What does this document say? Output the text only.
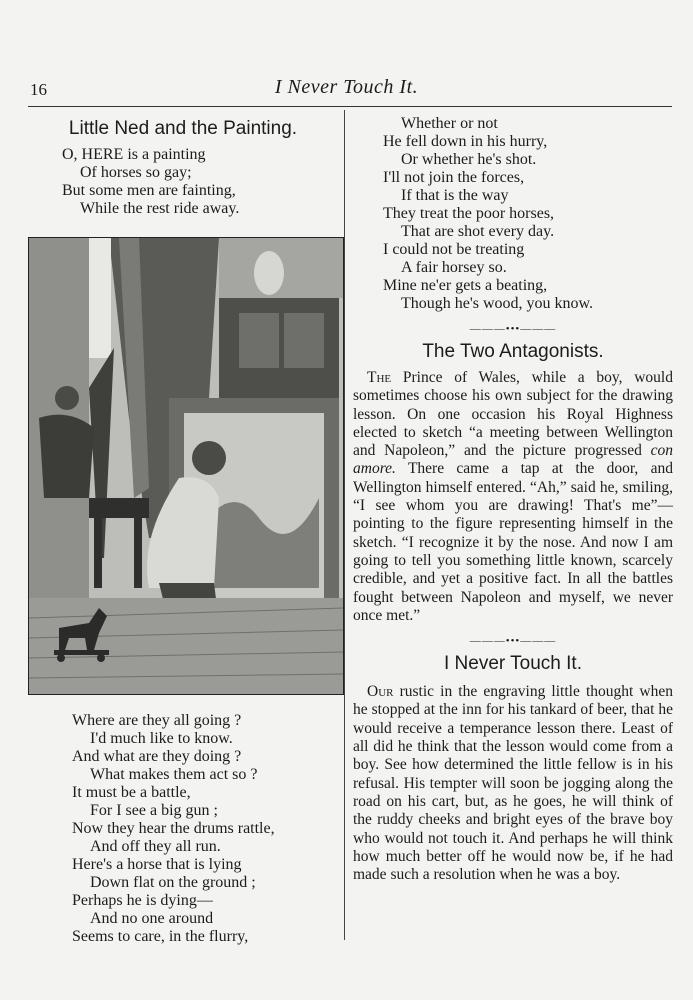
16	I Never Touch It.
Little Ned and the Painting.
O, HERE is a painting
Of horses so gay;
But some men are fainting,
While the rest ride away.
Where are they all going ?
I'd much like to know.
And what are they doing ?
What makes them act so ?
It must be a battle,
For I see a big gun ;
Now they hear the drums rattle,
And off they all run.
Here's a horse that is lying
Down flat on the ground ;
Perhaps he is dying—
And no one around
Seems to care, in the flurry,
Whether or not
He fell down in his hurry,
Or whether he's shot.
I'll not join the forces,
If that is the way
They treat the poor horses,
That are shot every day.
I could not be treating
A fair horsey so.
Mine ne'er gets a beating,
Though he's wood, you know.
———•••———
The Two Antagonists.

The Prince of Wales, while a boy, would sometimes choose his own subject for the drawing lesson. On one occasion his Royal Highness elected to sketch “a meeting between Wellington and Napoleon,” and the picture progressed con amore. There came a tap at the door, and Wellington himself entered. “Ah,” said he, smiling, “I see whom you are drawing! That's me”—pointing to the figure representing himself in the sketch. “I recognize it by the nose. And now I am going to tell you something little known, scarcely credible, and yet a positive fact. In all the battles fought between Napoleon and myself, we never once met.”

———•••———
I Never Touch It.

Our rustic in the engraving little thought when he stopped at the inn for his tankard of beer, that he would receive a temperance lesson there. Least of all did he think that the lesson would come from a boy. See how determined the little fellow is in his refusal. His tempter will soon be jogging along the road on his cart, but, as he goes, he will think of the ruddy cheeks and bright eyes of the brave boy who would not touch it. And perhaps he will think how much better off he would now be, if he had made such a resolution when he was a boy.
